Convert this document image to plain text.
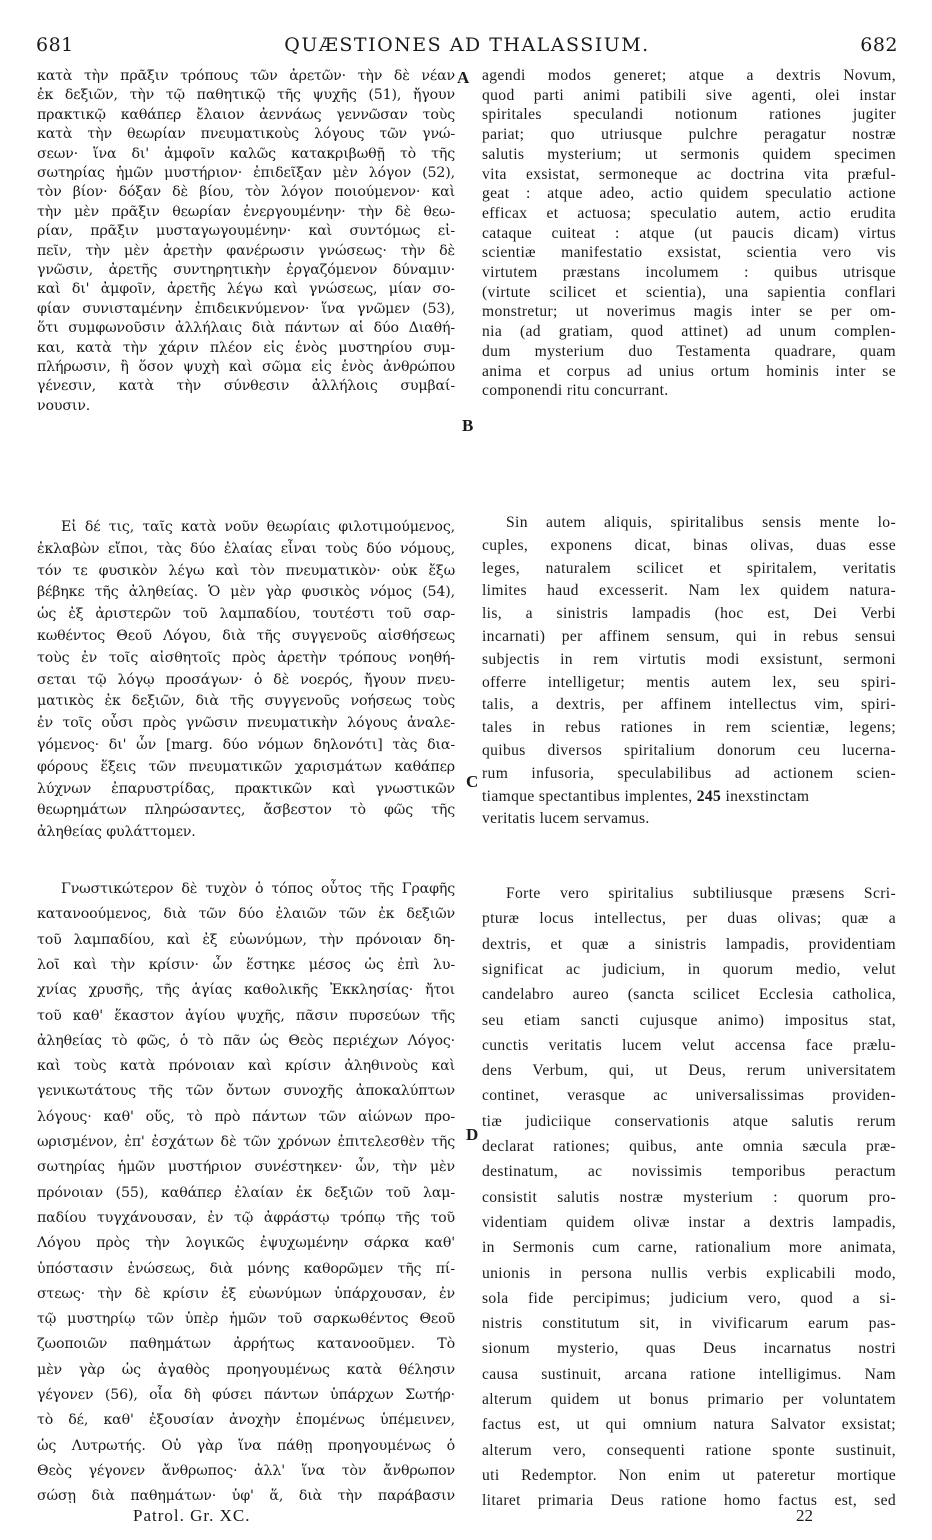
681	QUÆSTIONES AD THALASSIUM.	682
κατὰ τὴν πρᾶξιν τρόπους τῶν ἀρετῶν· τὴν δὲ νέαν
ἐκ δεξιῶν, τὴν τῷ παθητικῷ τῆς ψυχῆς (51), ἤγουν
πρακτικῷ καθάπερ ἔλαιον ἀεννάως γεννῶσαν τοὺς
κατὰ τὴν θεωρίαν πνευματικοὺς λόγους τῶν γνώ-
σεων· ἵνα δι' ἀμφοῖν καλῶς κατακριβωθῇ τὸ τῆς
σωτηρίας ἡμῶν μυστήριον· ἐπιδεῖξαν μὲν λόγον (52),
τὸν βίον· δόξαν δὲ βίου, τὸν λόγον ποιούμενον· καὶ
τὴν μὲν πρᾶξιν θεωρίαν ἐνεργουμένην· τὴν δὲ θεω-
ρίαν, πρᾶξιν μυσταγωγουμένην· καὶ συντόμως εἰ-
πεῖν, τὴν μὲν ἀρετὴν φανέρωσιν γνώσεως· τὴν δὲ
γνῶσιν, ἀρετῆς συντηρητικὴν ἐργαζόμενον δύναμιν·
καὶ δι' ἀμφοῖν, ἀρετῆς λέγω καὶ γνώσεως, μίαν σο-
φίαν συνισταμένην ἐπιδεικνύμενον· ἵνα γνῶμεν (53),
ὅτι συμφωνοῦσιν ἀλλήλαις διὰ πάντων αἱ δύο Διαθή-
και, κατὰ τὴν χάριν πλέον εἰς ἑνὸς μυστηρίου συμ-
πλήρωσιν, ἢ ὅσον ψυχὴ καὶ σῶμα εἰς ἑνὸς ἀνθρώπου
γένεσιν, κατὰ τὴν σύνθεσιν ἀλλήλοις συμβαί-
νουσιν.
Εἰ δέ τις, ταῖς κατὰ νοῦν θεωρίαις φιλοτιμούμενος,
ἐκλαβὼν εἴποι, τὰς δύο ἐλαίας εἶναι τοὺς δύο νόμους,
τόν τε φυσικὸν λέγω καὶ τὸν πνευματικὸν· οὐκ ἔξω
βέβηκε τῆς ἀληθείας. Ὁ μὲν γὰρ φυσικὸς νόμος (54),
ὡς ἐξ ἀριστερῶν τοῦ λαμπαδίου, τουτέστι τοῦ σαρ-
κωθέντος Θεοῦ Λόγου, διὰ τῆς συγγενοῦς αἰσθήσεως
τοὺς ἐν τοῖς αἰσθητοῖς πρὸς ἀρετὴν τρόπους νοηθή-
σεται τῷ λόγῳ προσάγων· ὁ δὲ νοερός, ἤγουν πνευ-
ματικὸς ἐκ δεξιῶν, διὰ τῆς συγγενοῦς νοήσεως τοὺς
ἐν τοῖς οὖσι πρὸς γνῶσιν πνευματικὴν λόγους ἀναλε-
γόμενος· δι' ὧν [marg. δύο νόμων δηλονότι] τὰς δια-
φόρους ἕξεις τῶν πνευματικῶν χαρισμάτων καθάπερ
λύχνων ἐπαρυστρίδας, πρακτικῶν καὶ γνωστικῶν
θεωρημάτων πληρώσαντες, ἄσβεστον τὸ φῶς τῆς
ἀληθείας φυλάττομεν.
Γνωστικώτερον δὲ τυχὸν ὁ τόπος οὗτος τῆς Γραφῆς
κατανοούμενος, διὰ τῶν δύο ἐλαιῶν τῶν ἐκ δεξιῶν
τοῦ λαμπαδίου, καὶ ἐξ εὐωνύμων, τὴν πρόνοιαν δη-
λοῖ καὶ τὴν κρίσιν· ὧν ἕστηκε μέσος ὡς ἐπὶ λυ-
χνίας χρυσῆς, τῆς ἁγίας καθολικῆς Ἐκκλησίας· ἤτοι
τοῦ καθ' ἕκαστον ἁγίου ψυχῆς, πᾶσιν πυρσεύων τῆς
ἀληθείας τὸ φῶς, ὁ τὸ πᾶν ὡς Θεὸς περιέχων Λόγος·
καὶ τοὺς κατὰ πρόνοιαν καὶ κρίσιν ἀληθινοὺς καὶ
γενικωτάτους τῆς τῶν ὄντων συνοχῆς ἀποκαλύπτων
λόγους· καθ' οὕς, τὸ πρὸ πάντων τῶν αἰώνων προ-
ωρισμένον, ἐπ' ἐσχάτων δὲ τῶν χρόνων ἐπιτελεσθὲν τῆς
σωτηρίας ἡμῶν μυστήριον συνέστηκεν· ὧν, τὴν μὲν
πρόνοιαν (55), καθάπερ ἐλαίαν ἐκ δεξιῶν τοῦ λαμ-
παδίου τυγχάνουσαν, ἐν τῷ ἀφράστῳ τρόπῳ τῆς τοῦ
Λόγου πρὸς τὴν λογικῶς ἐψυχωμένην σάρκα καθ'
ὑπόστασιν ἑνώσεως, διὰ μόνης καθορῶμεν τῆς πί-
στεως· τὴν δὲ κρίσιν ἐξ εὐωνύμων ὑπάρχουσαν, ἐν
τῷ μυστηρίῳ τῶν ὑπὲρ ἡμῶν τοῦ σαρκωθέντος Θεοῦ
ζωοποιῶν παθημάτων ἀρρήτως κατανοοῦμεν. Τὸ
μὲν γὰρ ὡς ἀγαθὸς προηγουμένως κατὰ θέλησιν
γέγονεν (56), οἷα δὴ φύσει πάντων ὑπάρχων Σωτήρ·
τὸ δέ, καθ' ἐξουσίαν ἀνοχὴν ἑπομένως ὑπέμεινεν,
ὡς Λυτρωτής. Οὐ γὰρ ἵνα πάθῃ προηγουμένως ὁ
Θεὸς γέγονεν ἄνθρωπος· ἀλλ' ἵνα τὸν ἄνθρωπον
σώσῃ διὰ παθημάτων· ὑφ' ἅ, διὰ τὴν παράβασιν
agendi modos generet; atque a dextris Novum,
quod parti animi patibili sive agenti, olei instar
spiritales speculandi notionum rationes jugiter
pariat; quo utriusque pulchre peragatur nostræ
salutis mysterium; ut sermonis quidem specimen
vita exsistat, sermoneque ac doctrina vita præful-
geat : atque adeo, actio quidem speculatio actione
efficax et actuosa; speculatio autem, actio erudita
cataque cuiteat : atque (ut paucis dicam) virtus
scientiæ manifestatio exsistat, scientia vero vis
virtutem præstans incolumem : quibus utrisque
(virtute scilicet et scientia), una sapientia conflari
monstretur; ut noverimus magis inter se per om-
nia (ad gratiam, quod attinet) ad unum complen-
dum mysterium duo Testamenta quadrare, quam
anima et corpus ad unius ortum hominis inter se
componendi ritu concurrant.
Sin autem aliquis, spiritalibus sensis mente lo-
cuples, exponens dicat, binas olivas, duas esse
leges, naturalem scilicet et spiritalem, veritatis
limites haud excesserit. Nam lex quidem natura-
lis, a sinistris lampadis (hoc est, Dei Verbi
incarnati) per affinem sensum, qui in rebus sensui
subjectis in rem virtutis modi exsistunt, sermoni
offerre intelligetur; mentis autem lex, seu spiri-
talis, a dextris, per affinem intellectus vim, spiri-
tales in rebus rationes in rem scientiæ, legens;
quibus diversos spiritalium donorum ceu lucerna-
rum infusoria, speculabilibus ad actionem scien-
tiamque spectantibus implentes, 245 inexstinctam
veritatis lucem servamus.
Forte vero spiritalius subtiliusque præsens Scri-
pturæ locus intellectus, per duas olivas; quæ a
dextris, et quæ a sinistris lampadis, providentiam
significat ac judicium, in quorum medio, velut
candelabro aureo (sancta scilicet Ecclesia catholica,
seu etiam sancti cujusque animo) impositus stat,
cunctis veritatis lucem velut accensa face prælu-
dens Verbum, qui, ut Deus, rerum universitatem
continet, verasque ac universalissimas providen-
tiæ judiciique conservationis atque salutis rerum
declarat rationes; quibus, ante omnia sæcula præ-
destinatum, ac novissimis temporibus peractum
consistit salutis nostræ mysterium : quorum pro-
videntiam quidem olivæ instar a dextris lampadis,
in Sermonis cum carne, rationalium more animata,
unionis in persona nullis verbis explicabili modo,
sola fide percipimus; judicium vero, quod a si-
nistris constitutum sit, in vivificarum earum pas-
sionum mysterio, quas Deus incarnatus nostri
causa sustinuit, arcana ratione intelligimus. Nam
alterum quidem ut bonus primario per voluntatem
factus est, ut qui omnium natura Salvator exsistat;
alterum vero, consequenti ratione sponte sustinuit,
uti Redemptor. Non enim ut pateretur mortique
litaret primaria Deus ratione homo factus est, sed
A
B
C
D
Patrol. Gr. XC.	22
